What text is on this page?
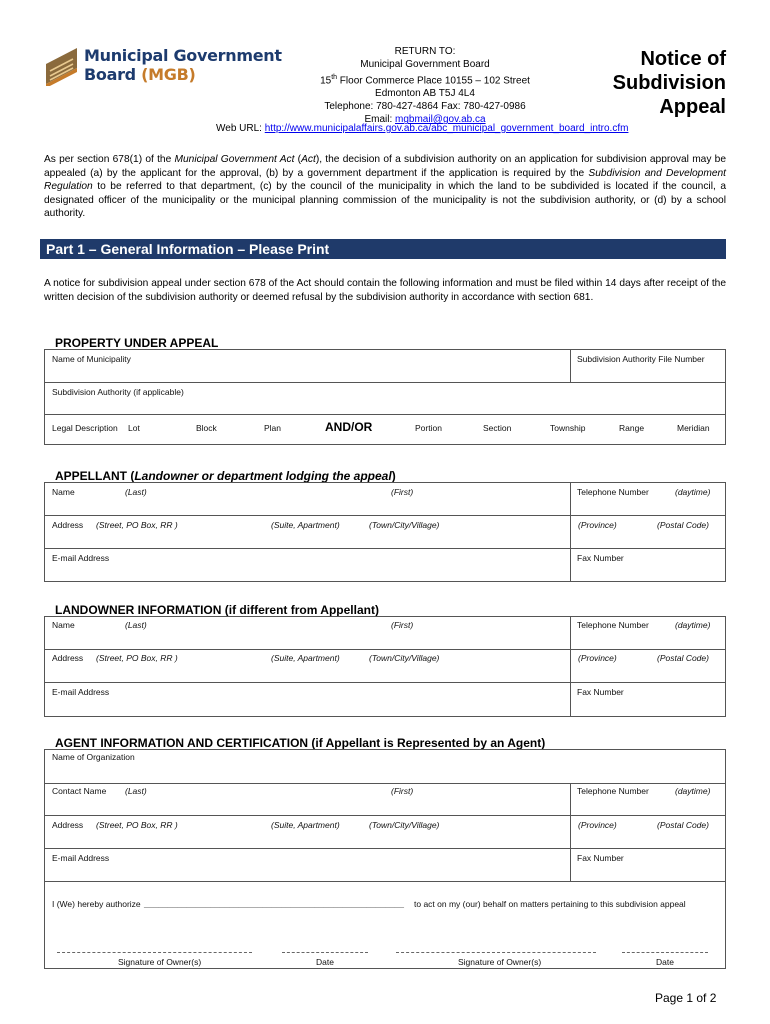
Municipal Government
Board (MGB)
RETURN TO:
Municipal Government Board
15th Floor Commerce Place 10155 – 102 Street
Edmonton AB T5J 4L4
Telephone: 780-427-4864 Fax: 780-427-0986
Email: mgbmail@gov.ab.ca
Notice of
Subdivision
Appeal
Web URL: http://www.municipalaffairs.gov.ab.ca/abc_municipal_government_board_intro.cfm
As per section 678(1) of the Municipal Government Act (Act), the decision of a subdivision authority on an application for subdivision approval may be appealed (a) by the applicant for the approval, (b) by a government department if the application is required by the Subdivision and Development Regulation to be referred to that department, (c) by the council of the municipality in which the land to be subdivided is located if the council, a designated officer of the municipality or the municipal planning commission of the municipality is not the subdivision authority, or (d) by a school authority.
Part 1 – General Information – Please Print
A notice for subdivision appeal under section 678 of the Act should contain the following information and must be filed within 14 days after receipt of the written decision of the subdivision authority or deemed refusal by the subdivision authority in accordance with section 681.
PROPERTY UNDER APPEAL
Name of Municipality	Subdivision Authority File Number
Subdivision Authority (if applicable)
Legal Description Lot	Block	Plan	AND/OR	Portion	Section	Township	Range	Meridian
APPELLANT (Landowner or department lodging the appeal)
Name	(Last)	(First)	Telephone Number	(daytime)
Address (Street, PO Box, RR )	(Suite, Apartment)	(Town/City/Village)	(Province)	(Postal Code)
E-mail Address	Fax Number
LANDOWNER INFORMATION (if different from Appellant)
Name	(Last)	(First)	Telephone Number	(daytime)
Address (Street, PO Box, RR )	(Suite, Apartment)	(Town/City/Village)	(Province)	(Postal Code)
E-mail Address	Fax Number
AGENT INFORMATION AND CERTIFICATION (if Appellant is Represented by an Agent)
Name of Organization
Contact Name (Last)	(First)	Telephone Number	(daytime)
Address (Street, PO Box, RR )	(Suite, Apartment)	(Town/City/Village)	(Province)	(Postal Code)
E-mail Address	Fax Number
I (We) hereby authorize _______________________________________________________ to act on my (our) behalf on matters pertaining to this subdivision appeal
Signature of Owner(s)	Date	Signature of Owner(s)	Date
Page 1 of 2
